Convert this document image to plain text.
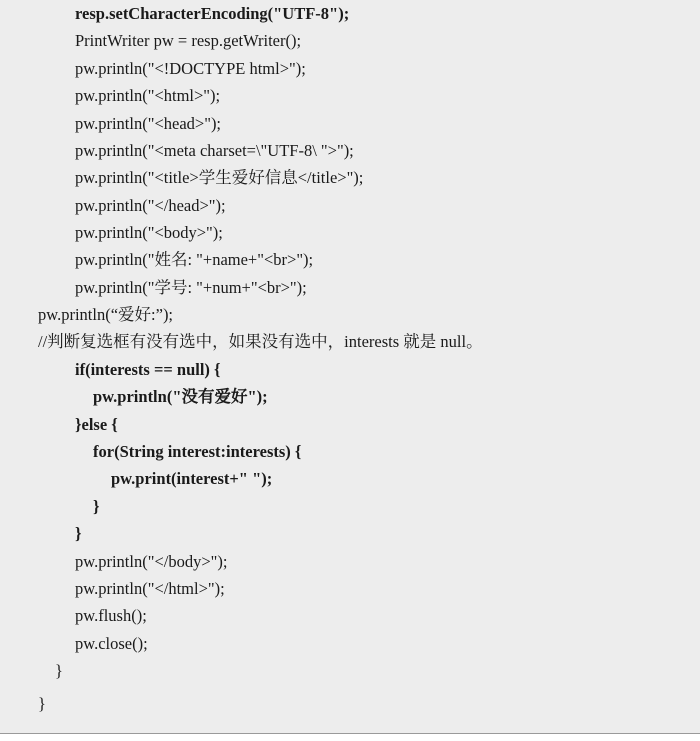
resp.setCharacterEncoding("UTF-8");
PrintWriter pw = resp.getWriter();
pw.println("<!DOCTYPE html>");
pw.println("<html>");
pw.println("<head>");
pw.println("<meta charset=\"UTF-8\ ">");
pw.println("<title>学生爱好信息</title>");
pw.println("</head>");
pw.println("<body>");
pw.println("姓名: "+name+"<br>");
pw.println("学号: "+num+"<br>");
pw.println(“爱好:”);
//判断复选框有没有选中，如果没有选中，interests 就是 null。
if(interests == null) {
pw.println("没有爱好");
}else {
for(String interest:interests) {
pw.print(interest+" ");
}
}
pw.println("</body>");
pw.println("</html>");
pw.flush();
pw.close();
}
}
